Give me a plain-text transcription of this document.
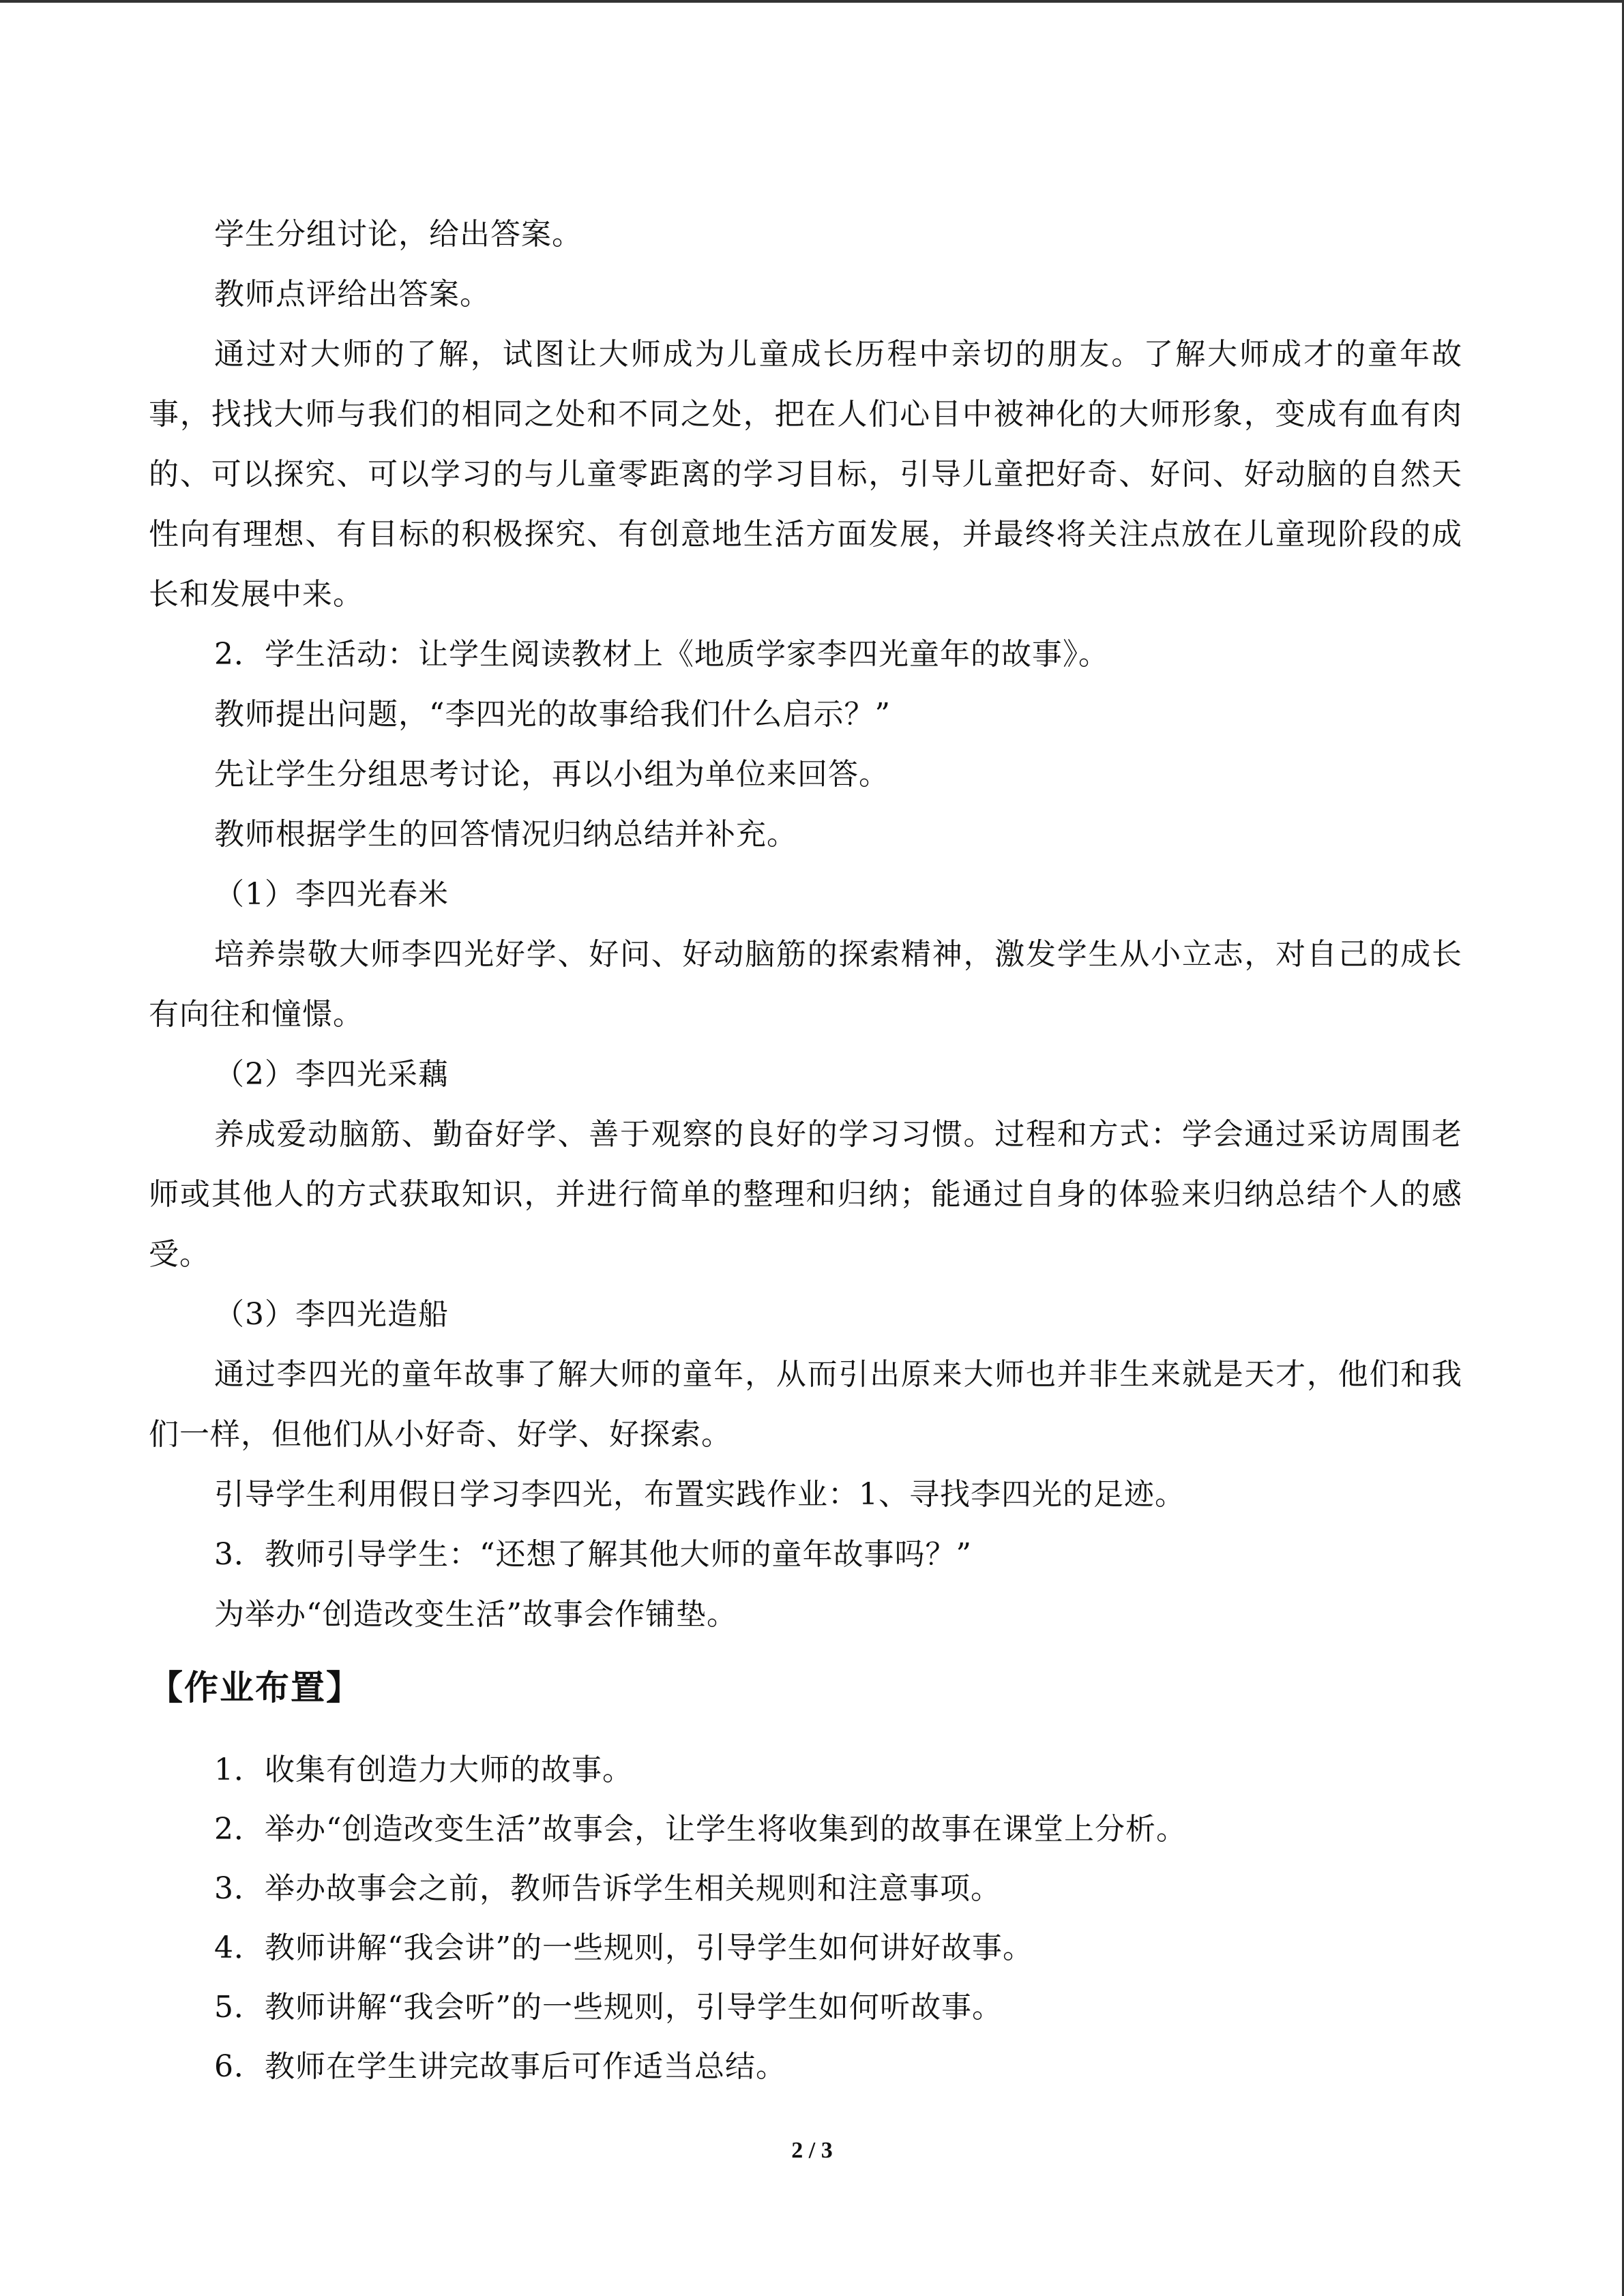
学生分组讨论，给出答案。

教师点评给出答案。

通过对大师的了解，试图让大师成为儿童成长历程中亲切的朋友。了解大师成才的童年故事，找找大师与我们的相同之处和不同之处，把在人们心目中被神化的大师形象，变成有血有肉的、可以探究、可以学习的与儿童零距离的学习目标，引导儿童把好奇、好问、好动脑的自然天性向有理想、有目标的积极探究、有创意地生活方面发展，并最终将关注点放在儿童现阶段的成长和发展中来。

2．学生活动：让学生阅读教材上《地质学家李四光童年的故事》。

教师提出问题，“李四光的故事给我们什么启示？”

先让学生分组思考讨论，再以小组为单位来回答。

教师根据学生的回答情况归纳总结并补充。

（1）李四光春米

培养崇敬大师李四光好学、好问、好动脑筋的探索精神，激发学生从小立志，对自己的成长有向往和憧憬。

（2）李四光采藕

养成爱动脑筋、勤奋好学、善于观察的良好的学习习惯。过程和方式：学会通过采访周围老师或其他人的方式获取知识，并进行简单的整理和归纳；能通过自身的体验来归纳总结个人的感受。

（3）李四光造船

通过李四光的童年故事了解大师的童年，从而引出原来大师也并非生来就是天才，他们和我们一样，但他们从小好奇、好学、好探索。

引导学生利用假日学习李四光，布置实践作业：1、寻找李四光的足迹。

3．教师引导学生：“还想了解其他大师的童年故事吗？”

为举办“创造改变生活”故事会作铺垫。

【作业布置】

1．收集有创造力大师的故事。

2．举办“创造改变生活”故事会，让学生将收集到的故事在课堂上分析。

3．举办故事会之前，教师告诉学生相关规则和注意事项。

4．教师讲解“我会讲”的一些规则，引导学生如何讲好故事。

5．教师讲解“我会听”的一些规则，引导学生如何听故事。

6．教师在学生讲完故事后可作适当总结。

2 / 3
